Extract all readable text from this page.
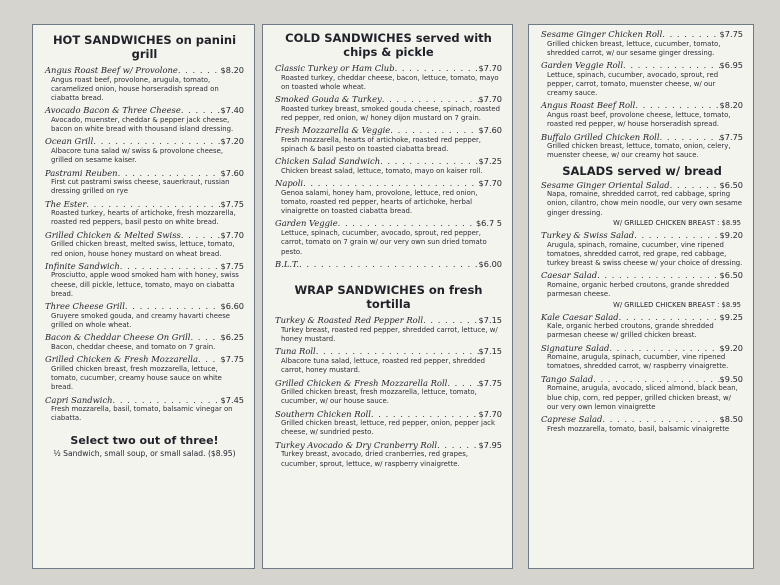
HOT SANDWICHES on panini grill
Angus Roast Beef w/ Provolone . . .	$8.20
Angus roast beef, provolone, arugula, tomato, caramelized onion, house horseradish spread on ciabatta bread.
Avocado Bacon & Three Cheese . . .	$7.40
Avocado, muenster, cheddar & pepper jack cheese, bacon on white bread with thousand island dressing.
Ocean Grill . . .	$7.20
Albacore tuna salad w/ swiss & provolone cheese, grilled on sesame kaiser.
Pastrami Reuben . . .	$7.60
First cut pastrami swiss cheese, sauerkraut, russian dressing grilled on rye
The Ester . . .	$7.75
Roasted turkey, hearts of artichoke, fresh mozzarella, roasted red peppers, basil pesto on white bread.
Grilled Chicken & Melted Swiss . . .	$7.70
Grilled chicken breast, melted swiss, lettuce, tomato, red onion, house honey mustard on wheat bread.
Infinite Sandwich . . .	$7.75
Prosciutto, apple wood smoked ham with honey, swiss cheese, dill pickle, lettuce, tomato, mayo on ciabatta bread.
Three Cheese Grill . . .	$6.60
Gruyere smoked gouda, and creamy havarti cheese grilled on whole wheat.
Bacon & Cheddar Cheese On Grill . . .	$6.25
Bacon, cheddar cheese, and tomato on 7 grain.
Grilled Chicken & Fresh Mozzarella . . .	$7.75
Grilled chicken breast, fresh mozzarella, lettuce, tomato, cucumber, creamy house sauce on white bread.
Capri Sandwich . . .	$7.45
Fresh mozzarella, basil, tomato, balsamic vinegar on ciabatta.
Select two out of three!
½ Sandwich, small soup, or small salad. ($8.95)
COLD SANDWICHES served with
chips & pickle
Classic Turkey or Ham Club . . .	$7.70
Roasted turkey, cheddar cheese, bacon, lettuce, tomato, mayo on toasted whole wheat.
Smoked Gouda & Turkey . . .	$7.70
Roasted turkey breast, smoked gouda cheese, spinach, roasted red pepper, red onion, w/ honey dijon mustard on 7 grain.
Fresh Mozzarella & Veggie . . .	$7.60
Fresh mozzarella, hearts of artichoke, roasted red pepper, spinach & basil pesto on toasted ciabatta bread.
Chicken Salad Sandwich . . .	$7.25
Chicken breast salad, lettuce, tomato, mayo on kaiser roll.
Napoli . . .	$7.70
Genoa salami, honey ham, provolone, lettuce, red onion, tomato, roasted red pepper, hearts of artichoke, herbal vinaigrette on toasted ciabatta bread.
Garden Veggie . . .	$6.7 5
Lettuce, spinach, cucumber, avocado, sprout, red pepper, carrot, tomato on 7 grain w/ our very own sun dried tomato pesto.
B.L.T. . . .	$6.00
WRAP SANDWICHES on fresh tortilla
Turkey & Roasted Red Pepper Roll . . .	$7.15
Turkey breast, roasted red pepper, shredded carrot, lettuce, w/ honey mustard.
Tuna Roll . . .	$7.15
Albacore tuna salad, lettuce, roasted red pepper, shredded carrot, honey mustard.
Grilled Chicken & Fresh Mozzarella Roll . . .	$7.75
Grilled chicken breast, fresh mozzarella, lettuce, tomato, cucumber, w/ our house sauce.
Southern Chicken Roll . . .	$7.70
Grilled chicken breast, lettuce, red pepper, onion, pepper jack cheese, w/ sundried pesto.
Turkey Avocado & Dry Cranberry Roll . . .	$7.95
Turkey breast, avocado, dried cranberries, red grapes, cucumber, sprout, lettuce, w/ raspberry vinaigrette.
Sesame Ginger Chicken Roll . . .	$7.75
Grilled chicken breast, lettuce, cucumber, tomato, shredded carrot, w/ our sesame ginger dressing.
Garden Veggie Roll . . .	$6.95
Lettuce, spinach, cucumber, avocado, sprout, red pepper, carrot, tomato, muenster cheese, w/ our creamy sauce.
Angus Roast Beef Roll . . .	$8.20
Angus roast beef, provolone cheese, lettuce, tomato, roasted red pepper, w/ house horseradish spread.
Buffalo Grilled Chicken Roll . . .	$7.75
Grilled chicken breast, lettuce, tomato, onion, celery, muenster cheese, w/ our creamy hot sauce.
SALADS served w/ bread
Sesame Ginger Oriental Salad . . .	$6.50
Napa, romaine, shredded carrot, red cabbage, spring onion, cilantro, chow mein noodle, our very own sesame ginger dressing.
W/ GRILLED CHICKEN BREAST : $8.95
Turkey & Swiss Salad . . .	$9.20
Arugula, spinach, romaine, cucumber, vine ripened tomatoes, shredded carrot, red grape, red cabbage, turkey breast & swiss cheese w/ your choice of dressing.
Caesar Salad . . .	$6.50
Romaine, organic herbed croutons, grande shredded parmesan cheese.
W/ GRILLED CHICKEN BREAST : $8.95
Kale Caesar Salad . . .	$9.25
Kale, organic herbed croutons, grande shredded parmesan cheese w/ grilled chicken breast.
Signature Salad . . .	$9.20
Romaine, arugula, spinach, cucumber, vine ripened tomatoes, shredded carrot, w/ raspberry vinaigrette.
Tango Salad . . .	$9.50
Romaine, arugula, avocado, sliced almond, black bean, blue chip, corn, red pepper, grilled chicken breast, w/ our very own lemon vinaigrette
Caprese Salad . . .	$8.50
Fresh mozzarella, tomato, basil, balsamic vinaigrette
